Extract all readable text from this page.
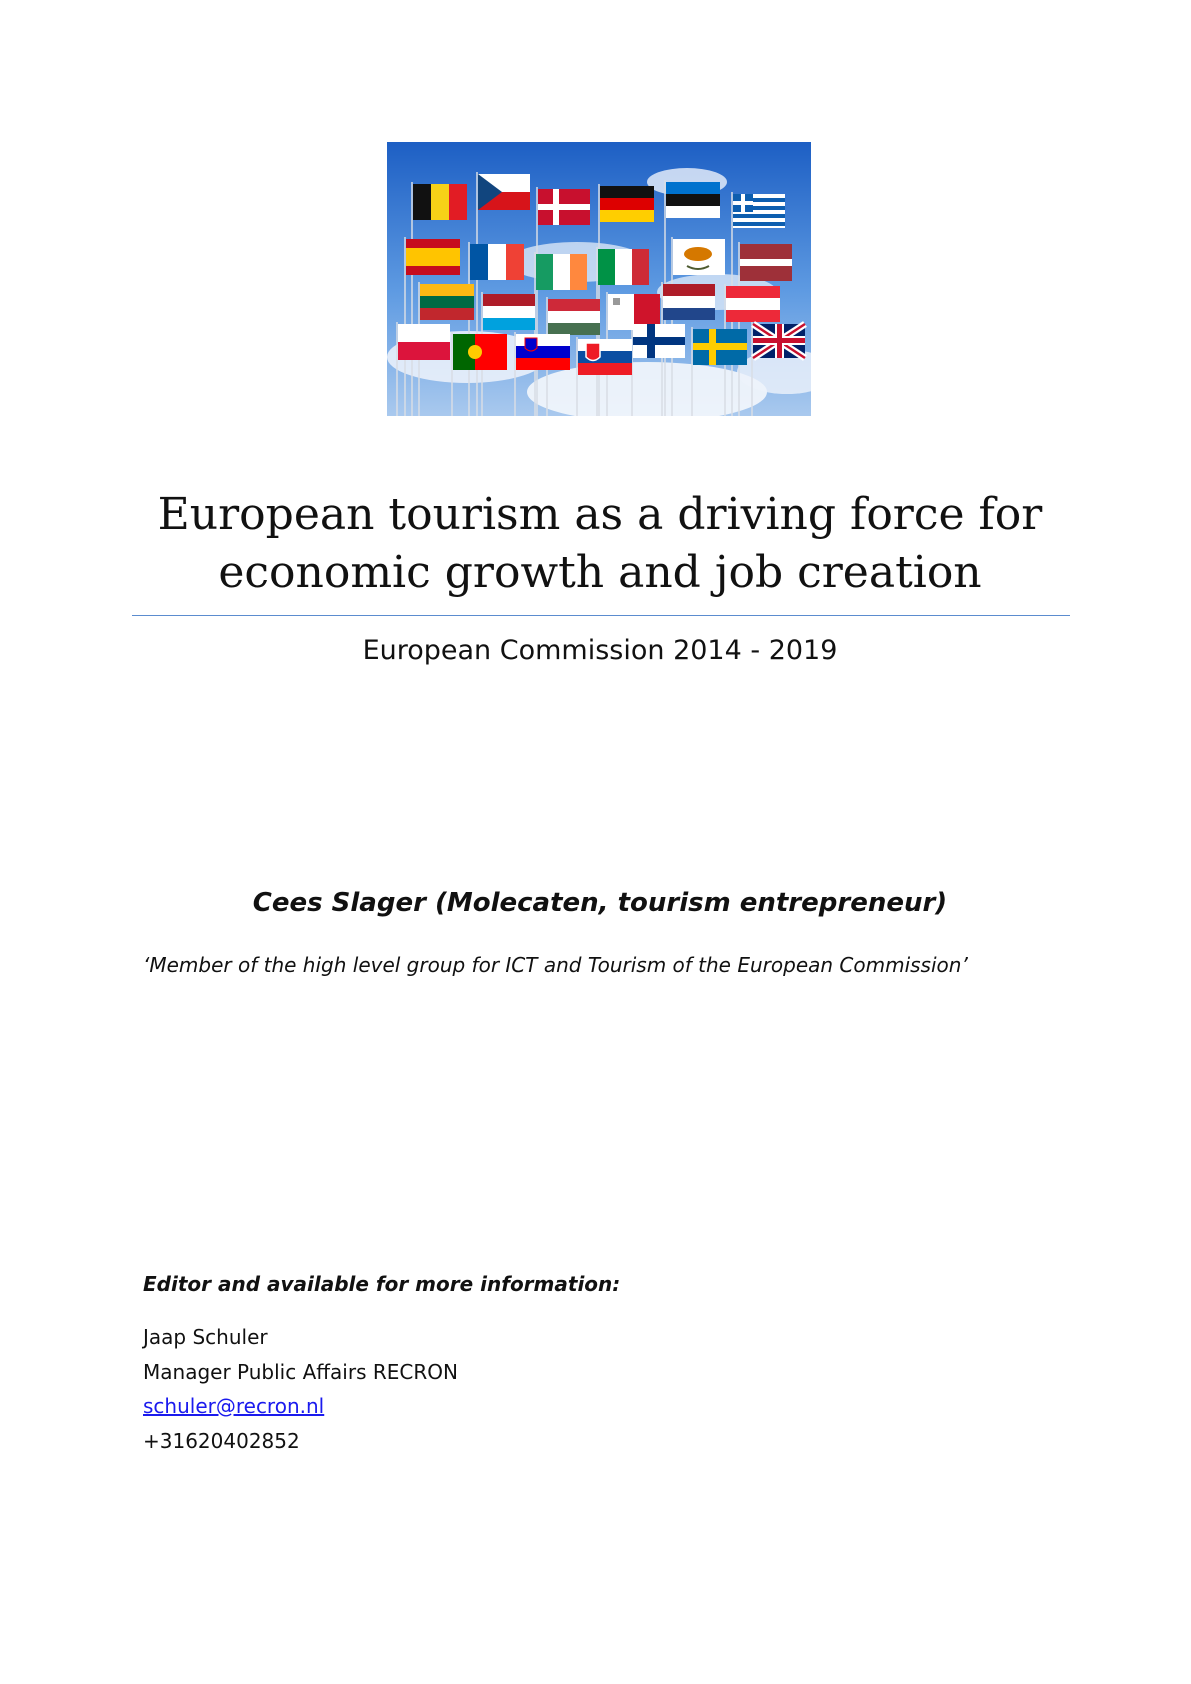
European tourism as a driving force for
economic growth and job creation
European Commission 2014 - 2019
Cees Slager (Molecaten, tourism entrepreneur)
‘Member of the high level group for ICT and Tourism of the European Commission’
Editor and available for more information:
Jaap Schuler
Manager Public Affairs RECRON
schuler@recron.nl
+31620402852
